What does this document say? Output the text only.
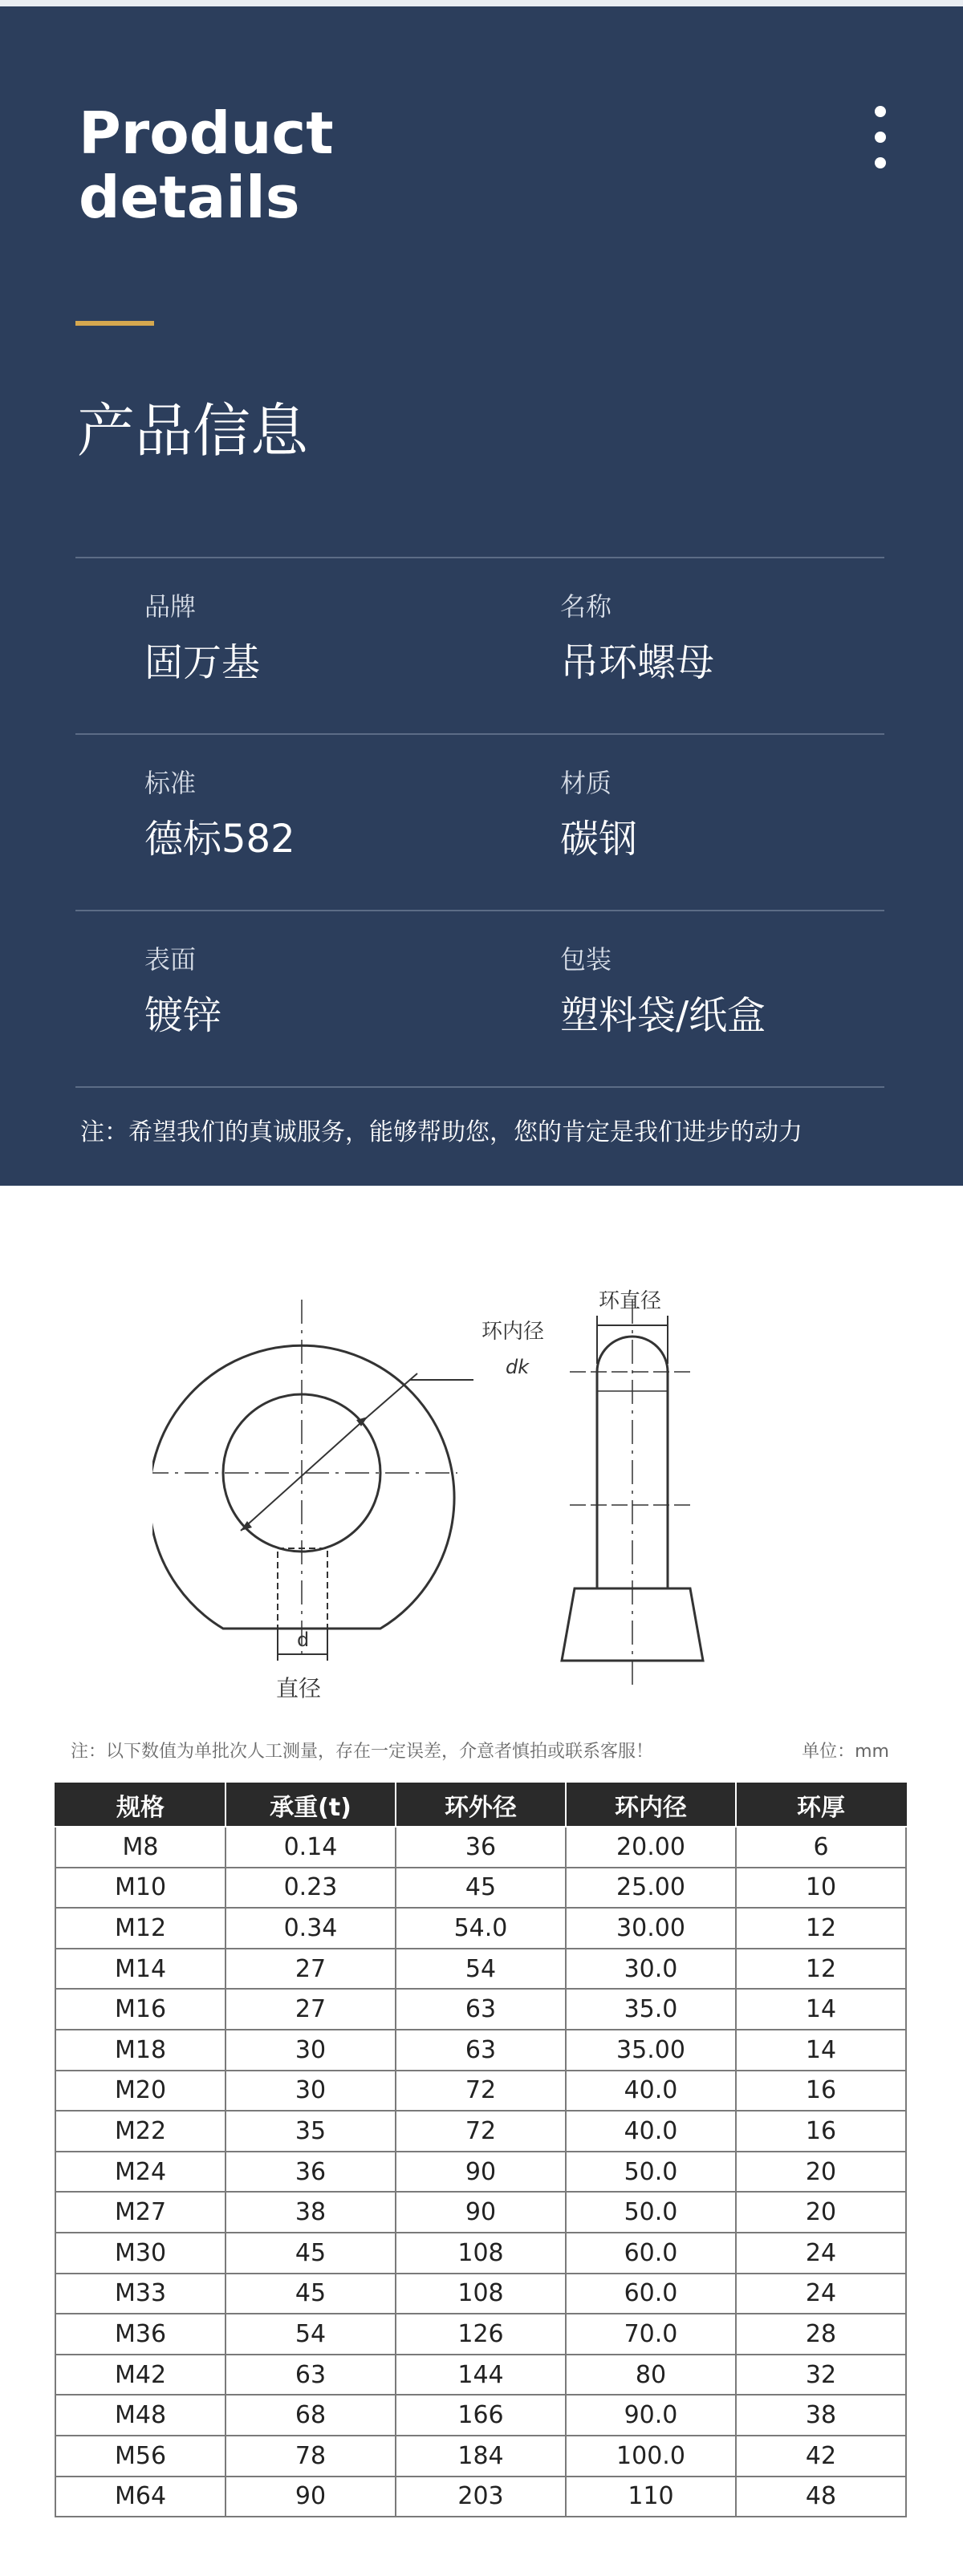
Product
details
产品信息
品牌
固万基
名称
吊环螺母
标准
德标582
材质
碳钢
表面
镀锌
包装
塑料袋/纸盒
注：希望我们的真诚服务，能够帮助您，您的肯定是我们进步的动力
环内径
dk
d
直径
环直径
注：以下数值为单批次人工测量，存在一定误差，介意者慎拍或联系客服！	单位：mm
规格	承重(t)	环外径	环内径	环厚
M8	0.14	36	20.00	6
M10	0.23	45	25.00	10
M12	0.34	54.0	30.00	12
M14	27	54	30.0	12
M16	27	63	35.0	14
M18	30	63	35.00	14
M20	30	72	40.0	16
M22	35	72	40.0	16
M24	36	90	50.0	20
M27	38	90	50.0	20
M30	45	108	60.0	24
M33	45	108	60.0	24
M36	54	126	70.0	28
M42	63	144	80	32
M48	68	166	90.0	38
M56	78	184	100.0	42
M64	90	203	110	48
